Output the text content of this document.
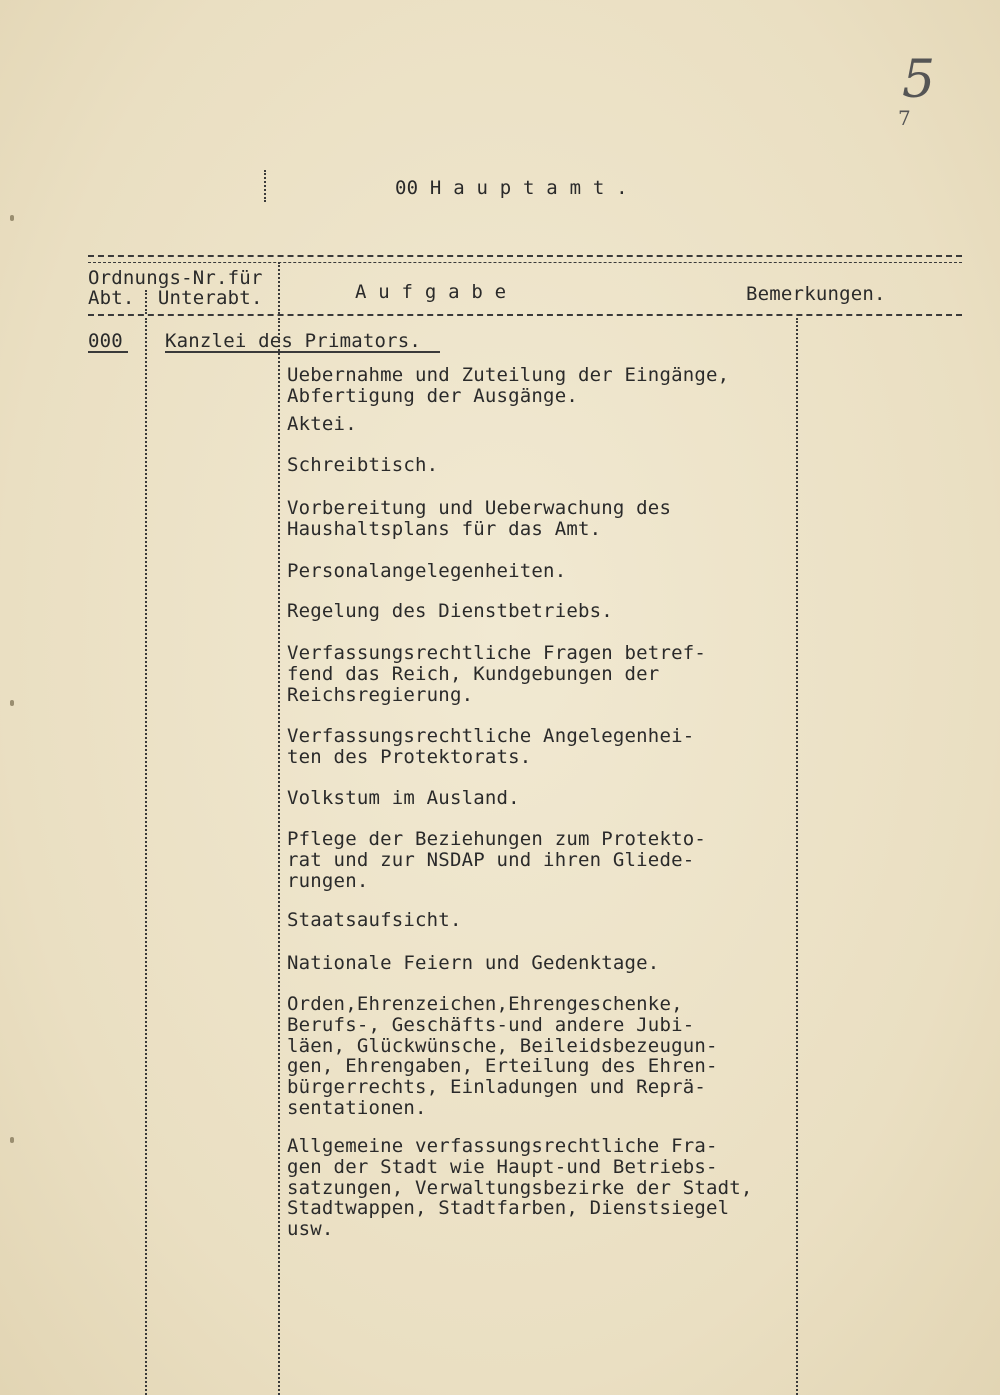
5
7
00 H a u p t a m t .
Ordnungs-Nr.für
Abt.  Unterabt.	A u f g a b e	Bemerkungen.
000 Kanzlei des Primators.
Uebernahme und Zuteilung der Eingänge,
Abfertigung der Ausgänge.
Aktei.
Schreibtisch.
Vorbereitung und Ueberwachung des
Haushaltsplans für das Amt.
Personalangelegenheiten.
Regelung des Dienstbetriebs.
Verfassungsrechtliche Fragen betref-
fend das Reich, Kundgebungen der
Reichsregierung.
Verfassungsrechtliche Angelegenhei-
ten des Protektorats.
Volkstum im Ausland.
Pflege der Beziehungen zum Protekto-
rat und zur NSDAP und ihren Gliede-
rungen.
Staatsaufsicht.
Nationale Feiern und Gedenktage.
Orden,Ehrenzeichen,Ehrengeschenke,
Berufs-, Geschäfts-und andere Jubi-
läen, Glückwünsche, Beileidsbezeugun-
gen, Ehrengaben, Erteilung des Ehren-
bürgerrechts, Einladungen und Reprä-
sentationen.
Allgemeine verfassungsrechtliche Fra-
gen der Stadt wie Haupt-und Betriebs-
satzungen, Verwaltungsbezirke der Stadt,
Stadtwappen, Stadtfarben, Dienstsiegel
usw.
